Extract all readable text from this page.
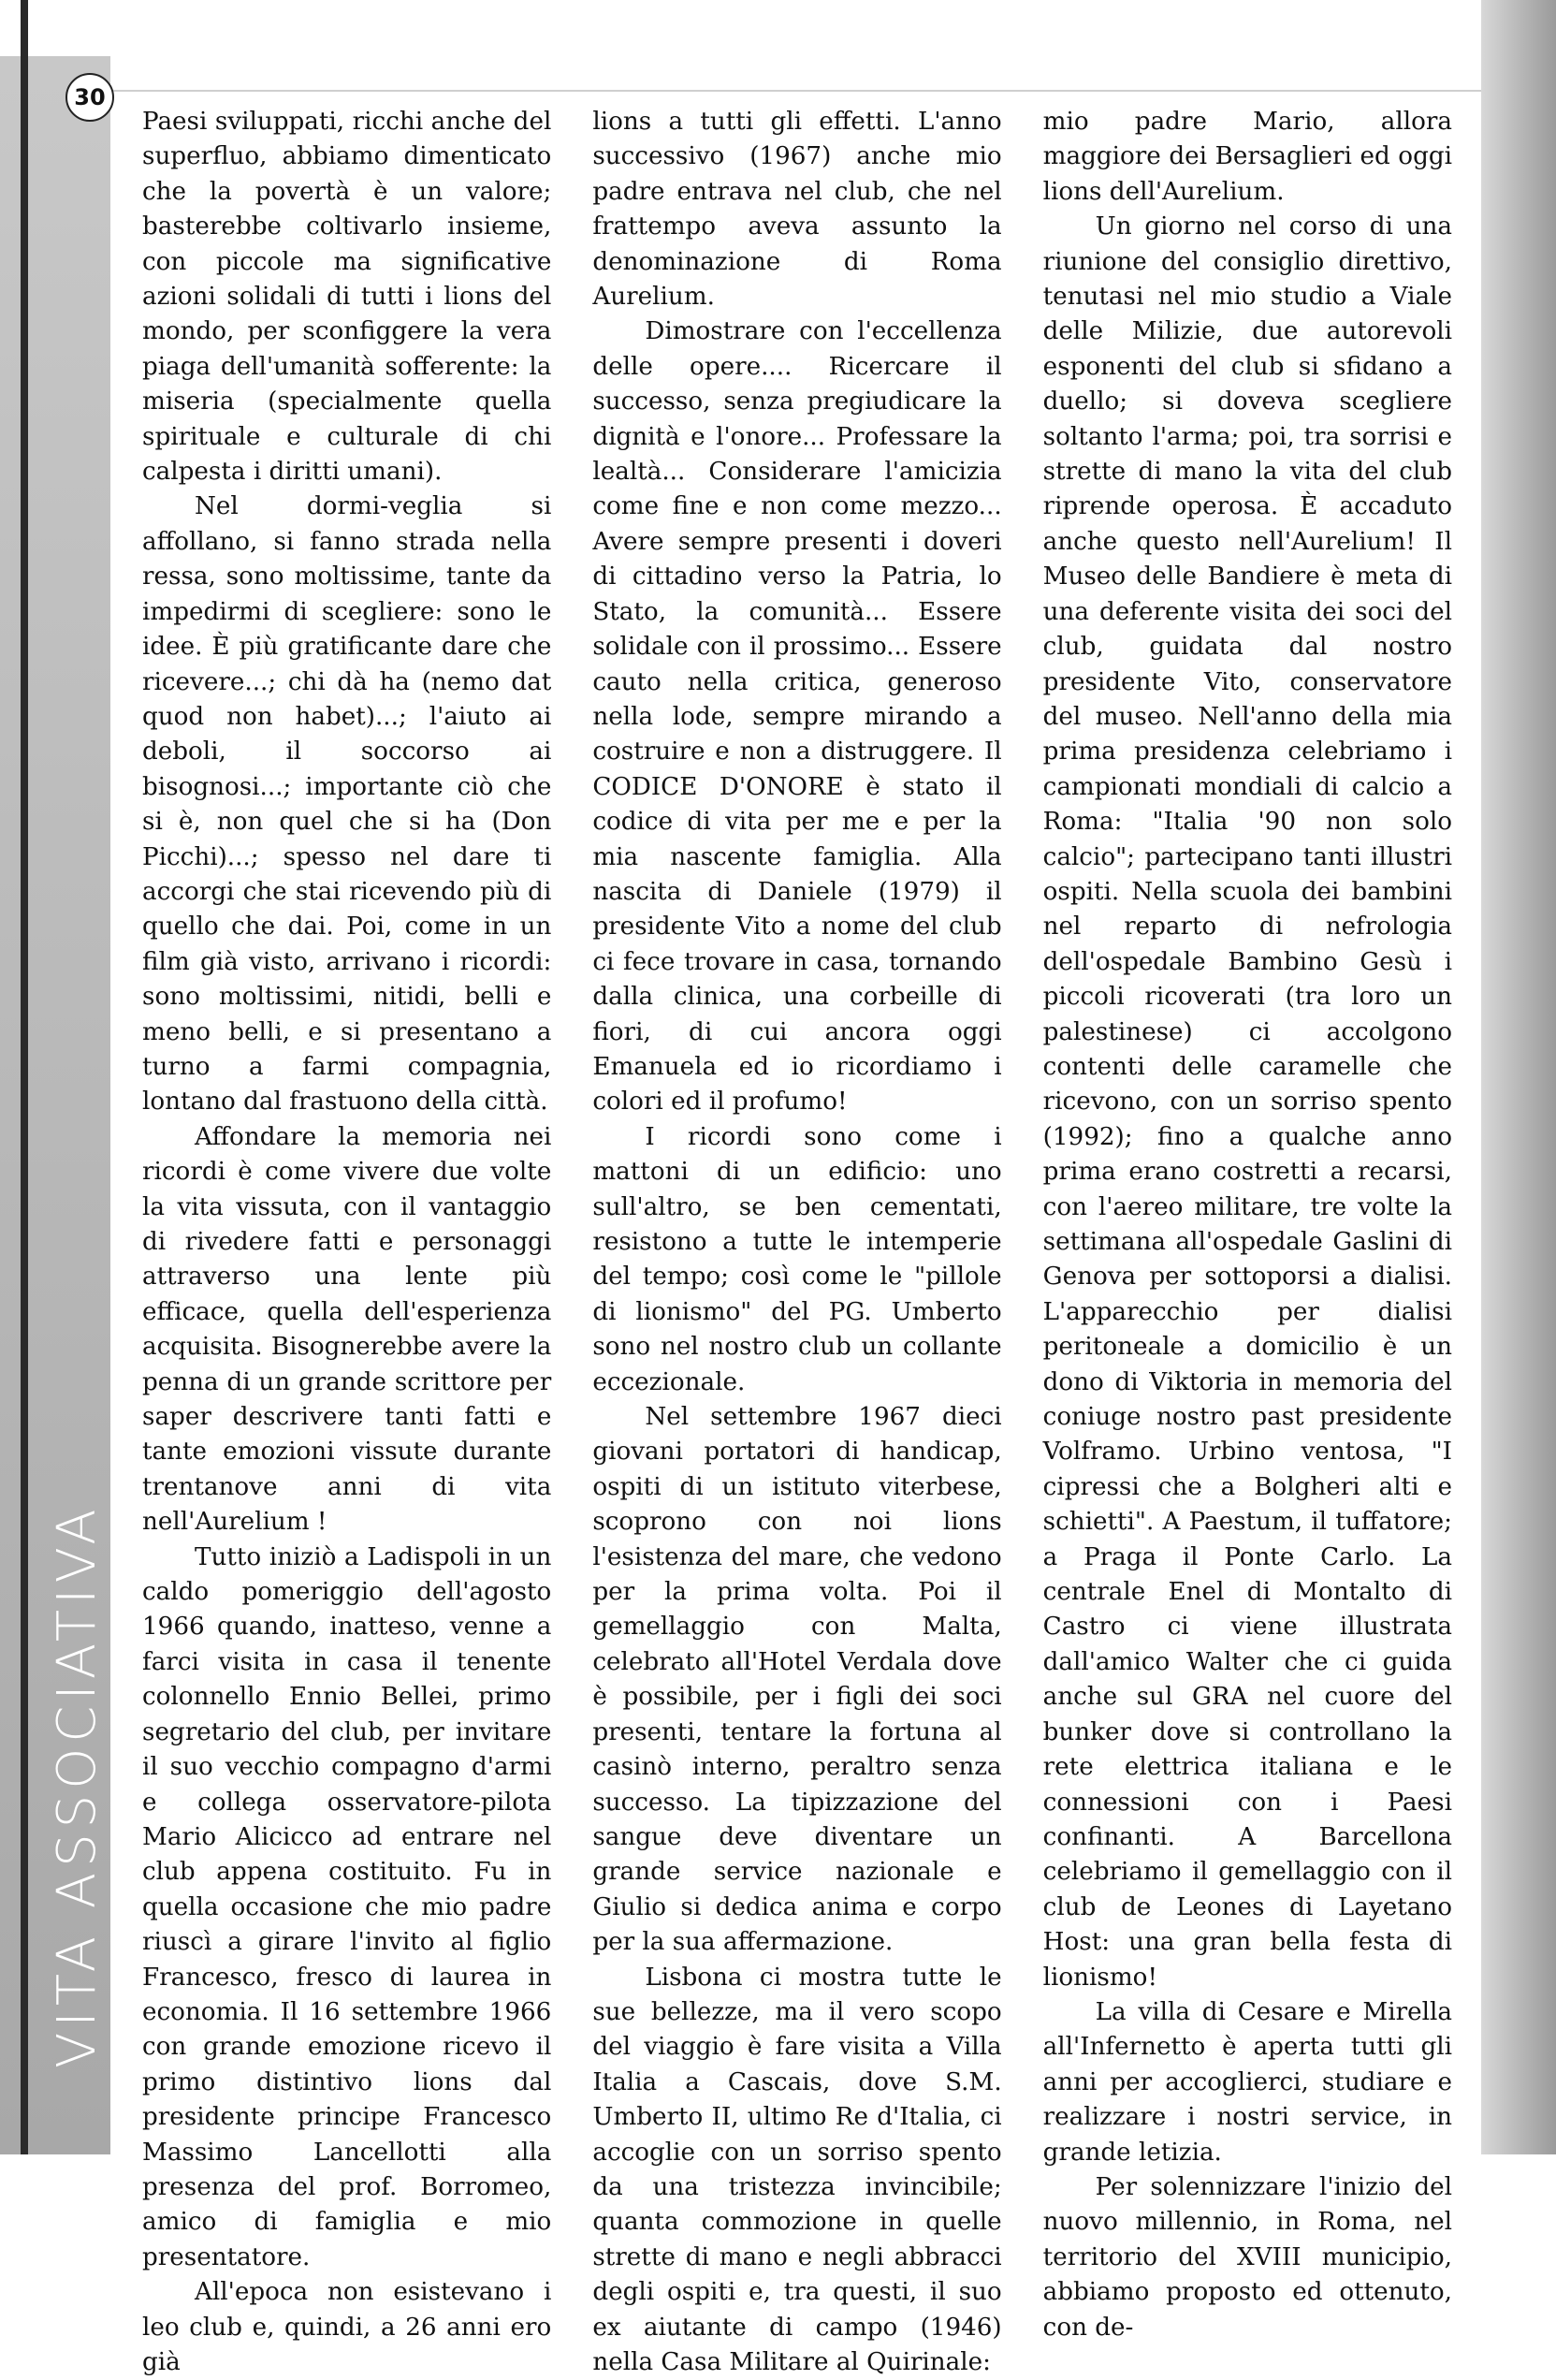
VITA ASSOCIATIVA
30

Paesi sviluppati, ricchi anche del superfluo, abbiamo dimenticato che la povertà è un valore; basterebbe coltivarlo insieme, con piccole ma significative azioni solidali di tutti i lions del mondo, per sconfiggere la vera piaga dell'umanità sofferente: la miseria (specialmente quella spirituale e culturale di chi calpesta i diritti umani).

Nel dormi-veglia si affollano, si fanno strada nella ressa, sono moltissime, tante da impedirmi di scegliere: sono le idee. È più gratificante dare che ricevere...; chi dà ha (nemo dat quod non habet)...; l'aiuto ai deboli, il soccorso ai bisognosi...; importante ciò che si è, non quel che si ha (Don Picchi)...; spesso nel dare ti accorgi che stai ricevendo più di quello che dai. Poi, come in un film già visto, arrivano i ricordi: sono moltissimi, nitidi, belli e meno belli, e si presentano a turno a farmi compagnia, lontano dal frastuono della città.

Affondare la memoria nei ricordi è come vivere due volte la vita vissuta, con il vantaggio di rivedere fatti e personaggi attraverso una lente più efficace, quella dell'esperienza acquisita. Bisognerebbe avere la penna di un grande scrittore per saper descrivere tanti fatti e tante emozioni vissute durante trentanove anni di vita nell'Aurelium !

Tutto iniziò a Ladispoli in un caldo pomeriggio dell'agosto 1966 quando, inatteso, venne a farci visita in casa il tenente colonnello Ennio Bellei, primo segretario del club, per invitare il suo vecchio compagno d'armi e collega osservatore-pilota Mario Alicicco ad entrare nel club appena costituito. Fu in quella occasione che mio padre riuscì a girare l'invito al figlio Francesco, fresco di laurea in economia. Il 16 settembre 1966 con grande emozione ricevo il primo distintivo lions dal presidente principe Francesco Massimo Lancellotti alla presenza del prof. Borromeo, amico di famiglia e mio presentatore.

All'epoca non esistevano i leo club e, quindi, a 26 anni ero già

lions a tutti gli effetti. L'anno successivo (1967) anche mio padre entrava nel club, che nel frattempo aveva assunto la denominazione di Roma Aurelium.

Dimostrare con l'eccellenza delle opere.... Ricercare il successo, senza pregiudicare la dignità e l'onore... Professare la lealtà... Considerare l'amicizia come fine e non come mezzo... Avere sempre presenti i doveri di cittadino verso la Patria, lo Stato, la comunità... Essere solidale con il prossimo... Essere cauto nella critica, generoso nella lode, sempre mirando a costruire e non a distruggere. Il CODICE D'ONORE è stato il codice di vita per me e per la mia nascente famiglia. Alla nascita di Daniele (1979) il presidente Vito a nome del club ci fece trovare in casa, tornando dalla clinica, una corbeille di fiori, di cui ancora oggi Emanuela ed io ricordiamo i colori ed il profumo!

I ricordi sono come i mattoni di un edificio: uno sull'altro, se ben cementati, resistono a tutte le intemperie del tempo; così come le "pillole di lionismo" del PG. Umberto sono nel nostro club un collante eccezionale.

Nel settembre 1967 dieci giovani portatori di handicap, ospiti di un istituto viterbese, scoprono con noi lions l'esistenza del mare, che vedono per la prima volta. Poi il gemellaggio con Malta, celebrato all'Hotel Verdala dove è possibile, per i figli dei soci presenti, tentare la fortuna al casinò interno, peraltro senza successo. La tipizzazione del sangue deve diventare un grande service nazionale e Giulio si dedica anima e corpo per la sua affermazione.

Lisbona ci mostra tutte le sue bellezze, ma il vero scopo del viaggio è fare visita a Villa Italia a Cascais, dove S.M. Umberto II, ultimo Re d'Italia, ci accoglie con un sorriso spento da una tristezza invincibile; quanta commozione in quelle strette di mano e negli abbracci degli ospiti e, tra questi, il suo ex aiutante di campo (1946) nella Casa Militare al Quirinale:

mio padre Mario, allora maggiore dei Bersaglieri ed oggi lions dell'Aurelium.

Un giorno nel corso di una riunione del consiglio direttivo, tenutasi nel mio studio a Viale delle Milizie, due autorevoli esponenti del club si sfidano a duello; si doveva scegliere soltanto l'arma; poi, tra sorrisi e strette di mano la vita del club riprende operosa. È accaduto anche questo nell'Aurelium! Il Museo delle Bandiere è meta di una deferente visita dei soci del club, guidata dal nostro presidente Vito, conservatore del museo. Nell'anno della mia prima presidenza celebriamo i campionati mondiali di calcio a Roma: "Italia '90 non solo calcio"; partecipano tanti illustri ospiti. Nella scuola dei bambini nel reparto di nefrologia dell'ospedale Bambino Gesù i piccoli ricoverati (tra loro un palestinese) ci accolgono contenti delle caramelle che ricevono, con un sorriso spento (1992); fino a qualche anno prima erano costretti a recarsi, con l'aereo militare, tre volte la settimana all'ospedale Gaslini di Genova per sottoporsi a dialisi. L'apparecchio per dialisi peritoneale a domicilio è un dono di Viktoria in memoria del coniuge nostro past presidente Volframo. Urbino ventosa, "I cipressi che a Bolgheri alti e schietti". A Paestum, il tuffatore; a Praga il Ponte Carlo. La centrale Enel di Montalto di Castro ci viene illustrata dall'amico Walter che ci guida anche sul GRA nel cuore del bunker dove si controllano la rete elettrica italiana e le connessioni con i Paesi confinanti. A Barcellona celebriamo il gemellaggio con il club de Leones di Layetano Host: una gran bella festa di lionismo!

La villa di Cesare e Mirella all'Infernetto è aperta tutti gli anni per accoglierci, studiare e realizzare i nostri service, in grande letizia.

Per solennizzare l'inizio del nuovo millennio, in Roma, nel territorio del XVIII municipio, abbiamo proposto ed ottenuto, con de-
